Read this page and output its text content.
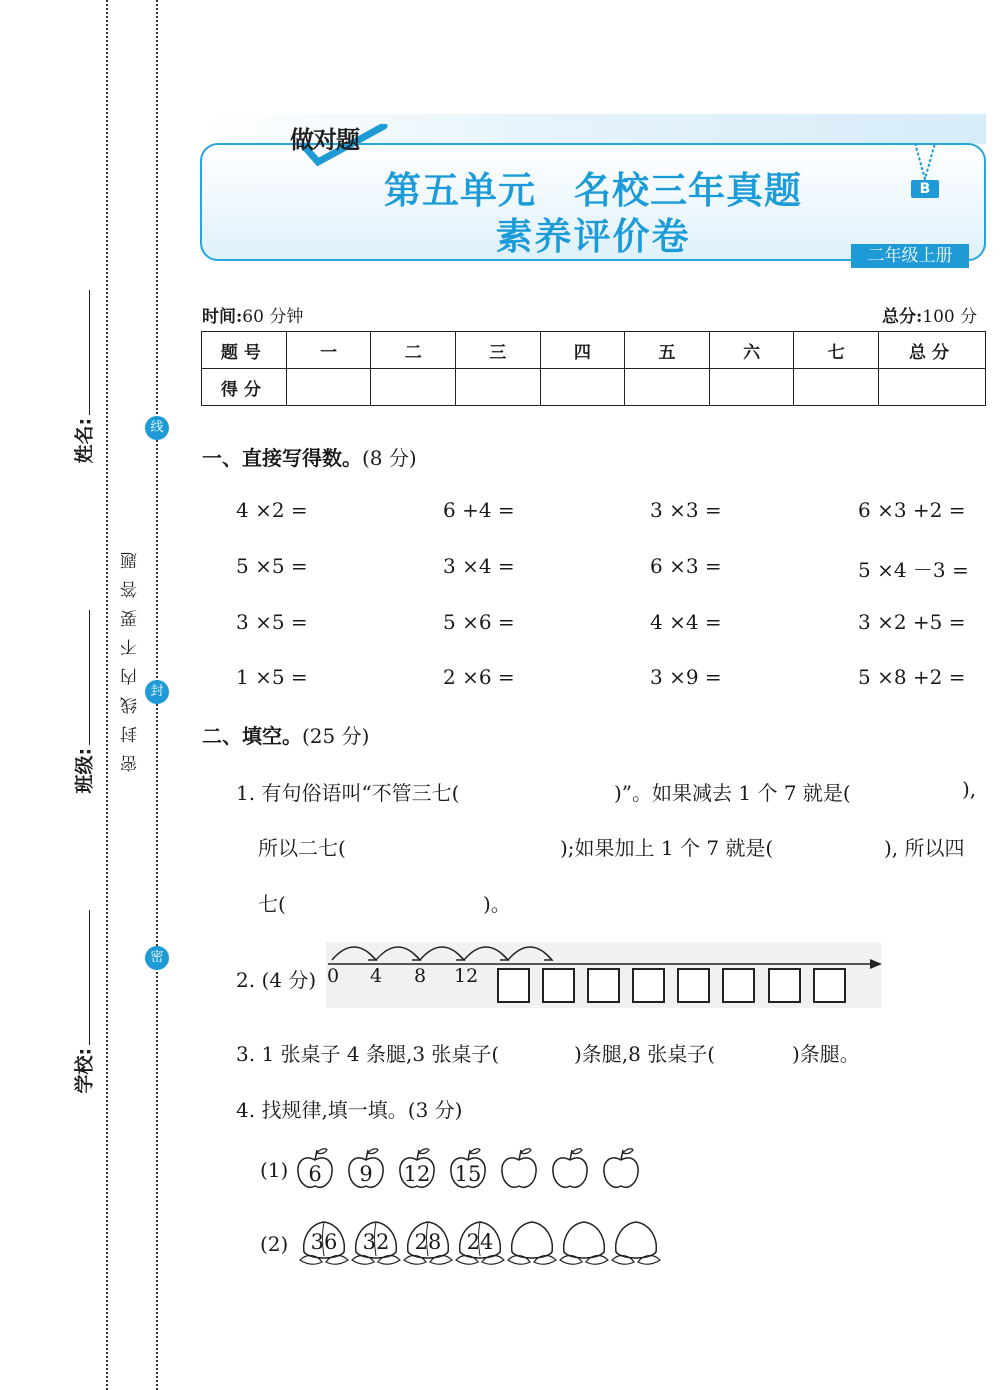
姓名:
班级:
学校:
线
封
密
密封线内不要答题
做对题
第五单元　名校三年真题
素养评价卷
B
二年级上册
时间:60 分钟	总分:100 分
题号	一	二	三	四	五	六	七	总分
得分								
一、直接写得数。(8 分)
4 ×2 =	6 +4 =	3 ×3 =	6 ×3 +2 =
5 ×5 =	3 ×4 =	6 ×3 =	5 ×4 －3 =
3 ×5 =	5 ×6 =	4 ×4 =	3 ×2 +5 =
1 ×5 =	2 ×6 =	3 ×9 =	5 ×8 +2 =
二、填空。(25 分)
1. 有句俗语叫“不管三七(	)”。如果减去 1 个 7 就是(	),
所以二七(	);如果加上 1 个 7 就是(	), 所以四
七(	)。
2. (4 分) 0 4 8 12
3. 1 张桌子 4 条腿,3 张桌子(	)条腿,8 张桌子(	)条腿。
4. 找规律,填一填。(3 分)
(1)
(2)
6	9	12 15
36	32	28	24
